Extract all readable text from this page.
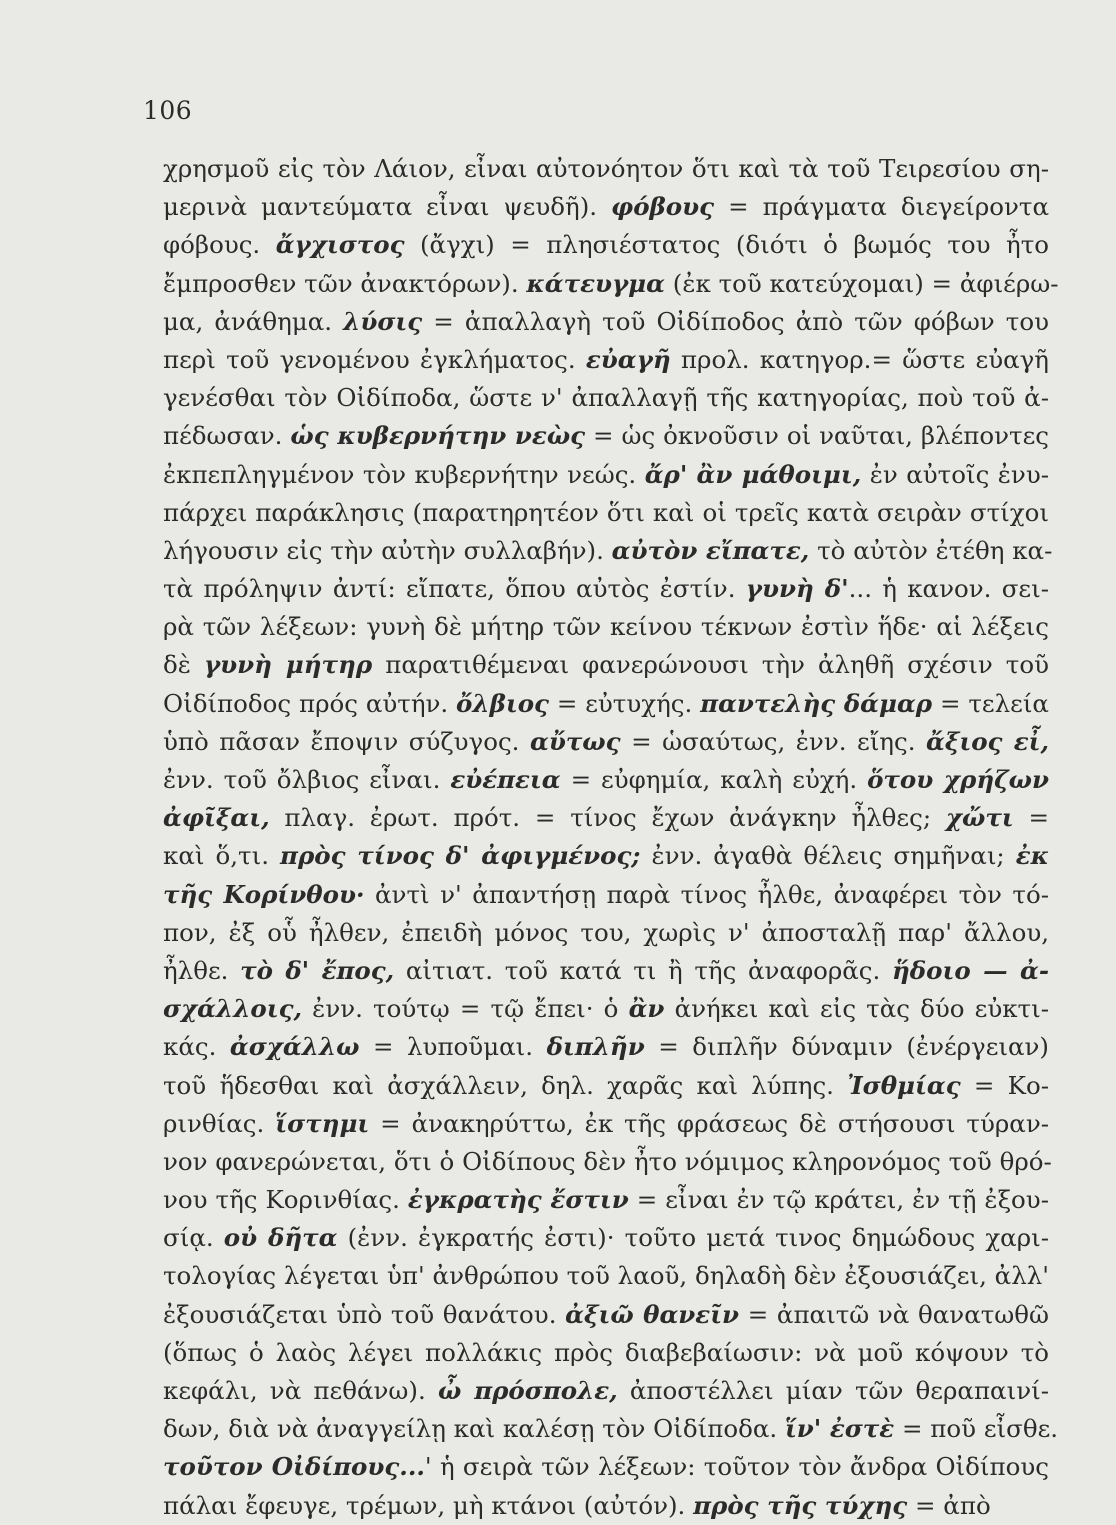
106
χρησμοῦ εἰς τὸν Λάιον, εἶναι αὐτονόητον ὅτι καὶ τὰ τοῦ Τειρεσίου ση-
μερινὰ μαντεύματα εἶναι ψευδῆ). φόβους = πράγματα διεγείροντα
φόβους. ἄγχιστος (ἄγχι) = πλησιέστατος (διότι ὁ βωμός του ἦτο
ἔμπροσθεν τῶν ἀνακτόρων). κάτευγμα (ἐκ τοῦ κατεύχομαι) = ἀφιέρω-
μα, ἀνάθημα. λύσις = ἀπαλλαγὴ τοῦ Οἰδίποδος ἀπὸ τῶν φόβων του
περὶ τοῦ γενομένου ἐγκλήματος. εὐαγῆ προλ. κατηγορ.= ὥστε εὐαγῆ
γενέσθαι τὸν Οἰδίποδα, ὥστε ν' ἀπαλλαγῇ τῆς κατηγορίας, ποὺ τοῦ ἀ-
πέδωσαν. ὡς κυβερνήτην νεὼς = ὡς ὀκνοῦσιν οἱ ναῦται, βλέποντες
ἐκπεπληγμένον τὸν κυβερνήτην νεώς. ἄρ' ἂν μάθοιμι, ἐν αὐτοῖς ἐνυ-
πάρχει παράκλησις (παρατηρητέον ὅτι καὶ οἱ τρεῖς κατὰ σειρὰν στίχοι
λήγουσιν εἰς τὴν αὐτὴν συλλαβήν). αὐτὸν εἴπατε, τὸ αὐτὸν ἐτέθη κα-
τὰ πρόληψιν ἀντί: εἴπατε, ὅπου αὐτὸς ἐστίν. γυνὴ δ'... ἡ κανον. σει-
ρὰ τῶν λέξεων: γυνὴ δὲ μήτηρ τῶν κείνου τέκνων ἐστὶν ἥδε· αἱ λέξεις
δὲ γυνὴ μήτηρ παρατιθέμεναι φανερώνουσι τὴν ἀληθῆ σχέσιν τοῦ
Οἰδίποδος πρός αὐτήν. ὄλβιος = εὐτυχής. παντελὴς δάμαρ = τελεία
ὑπὸ πᾶσαν ἔποψιν σύζυγος. αὔτως = ὡσαύτως, ἐνν. εἴης. ἄξιος εἶ,
ἐνν. τοῦ ὄλβιος εἶναι. εὐέπεια = εὐφημία, καλὴ εὐχή. ὅτου χρήζων
ἀφῖξαι, πλαγ. ἐρωτ. πρότ. = τίνος ἔχων ἀνάγκην ἦλθες; χὤτι =
καὶ ὅ,τι. πρὸς τίνος δ' ἀφιγμένος; ἐνν. ἀγαθὰ θέλεις σημῆναι; ἐκ
τῆς Κορίνθου· ἀντὶ ν' ἀπαντήσῃ παρὰ τίνος ἦλθε, ἀναφέρει τὸν τό-
πον, ἐξ οὗ ἦλθεν, ἐπειδὴ μόνος του, χωρὶς ν' ἀποσταλῇ παρ' ἄλλου,
ἦλθε. τὸ δ' ἔπος, αἰτιατ. τοῦ κατά τι ἢ τῆς ἀναφορᾶς. ἥδοιο — ἀ-
σχάλλοις, ἐνν. τούτῳ = τῷ ἔπει· ὁ ἂν ἀνήκει καὶ εἰς τὰς δύο εὐκτι-
κάς. ἀσχάλλω = λυποῦμαι. διπλῆν = διπλῆν δύναμιν (ἐνέργειαν)
τοῦ ἥδεσθαι καὶ ἀσχάλλειν, δηλ. χαρᾶς καὶ λύπης. Ἰσθμίας = Κο-
ρινθίας. ἵστημι = ἀνακηρύττω, ἐκ τῆς φράσεως δὲ στήσουσι τύραν-
νον φανερώνεται, ὅτι ὁ Οἰδίπους δὲν ἦτο νόμιμος κληρονόμος τοῦ θρό-
νου τῆς Κορινθίας. ἐγκρατὴς ἔστιν = εἶναι ἐν τῷ κράτει, ἐν τῇ ἐξου-
σίᾳ. οὐ δῆτα (ἐνν. ἐγκρατής ἐστι)· τοῦτο μετά τινος δημώδους χαρι-
τολογίας λέγεται ὑπ' ἀνθρώπου τοῦ λαοῦ, δηλαδὴ δὲν ἐξουσιάζει, ἀλλ'
ἐξουσιάζεται ὑπὸ τοῦ θανάτου. ἀξιῶ θανεῖν = ἀπαιτῶ νὰ θανατωθῶ
(ὅπως ὁ λαὸς λέγει πολλάκις πρὸς διαβεβαίωσιν: νὰ μοῦ κόψουν τὸ
κεφάλι, νὰ πεθάνω). ὦ πρόσπολε, ἀποστέλλει μίαν τῶν θεραπαινί-
δων, διὰ νὰ ἀναγγείλῃ καὶ καλέσῃ τὸν Οἰδίποδα. ἵν' ἐστὲ = ποῦ εἶσθε.
τοῦτον Οἰδίπους...' ἡ σειρὰ τῶν λέξεων: τοῦτον τὸν ἄνδρα Οἰδίπους
πάλαι ἔφευγε, τρέμων, μὴ κτάνοι (αὐτόν). πρὸς τῆς τύχης = ἀπὸ
